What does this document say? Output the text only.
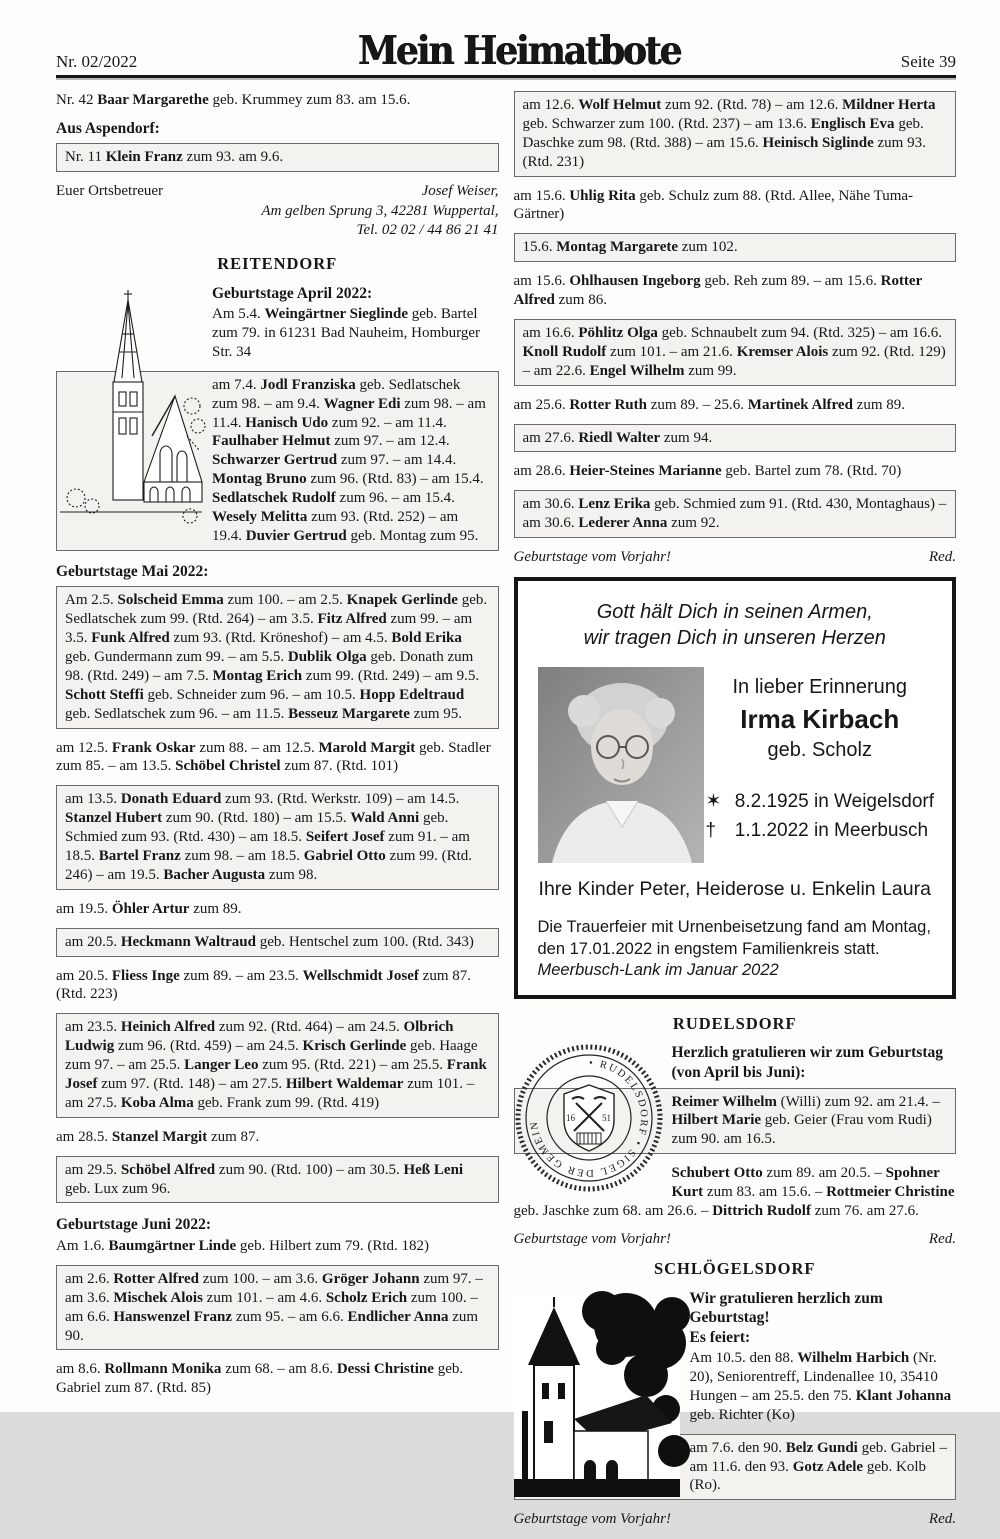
Nr. 02/2022	Mein Heimatbote	Seite 39

Nr. 42 Baar Margarethe geb. Krummey zum 83. am 15.6.

Aus Aspendorf:

Nr. 11 Klein Franz zum 93. am 9.6.

Euer Ortsbetreuer	Josef Weiser,
Am gelben Sprung 3, 42281 Wuppertal,
Tel. 02 02 / 44 86 21 41
REITENDORF

Geburtstage April 2022:

Am 5.4. Weingärtner Sieglinde geb. Bartel zum 79. in 61231 Bad Nauheim, Homburger Str. 34

am 7.4. Jodl Franziska geb. Sedlatschek zum 98. – am 9.4. Wagner Edi zum 98. – am 11.4. Hanisch Udo zum 92. – am 11.4. Faulhaber Helmut zum 97. – am 12.4. Schwarzer Gertrud zum 97. – am 14.4. Montag Bruno zum 96. (Rtd. 83) – am 15.4. Sedlatschek Rudolf zum 96. – am 15.4. Wesely Melitta zum 93. (Rtd. 252) – am 19.4. Duvier Gertrud geb. Montag zum 95.

Geburtstage Mai 2022:

Am 2.5. Solscheid Emma zum 100. – am 2.5. Knapek Gerlinde geb. Sedlatschek zum 99. (Rtd. 264) – am 3.5. Fitz Alfred zum 99. – am 3.5. Funk Alfred zum 93. (Rtd. Kröneshof) – am 4.5. Bold Erika geb. Gundermann zum 99. – am 5.5. Dublik Olga geb. Donath zum 98. (Rtd. 249) – am 7.5. Montag Erich zum 99. (Rtd. 249) – am 9.5. Schott Steffi geb. Schneider zum 96. – am 10.5. Hopp Edeltraud geb. Sedlatschek zum 96. – am 11.5. Besseuz Margarete zum 95.

am 12.5. Frank Oskar zum 88. – am 12.5. Marold Margit geb. Stadler zum 85. – am 13.5. Schöbel Christel zum 87. (Rtd. 101)

am 13.5. Donath Eduard zum 93. (Rtd. Werkstr. 109) – am 14.5. Stanzel Hubert zum 90. (Rtd. 180) – am 15.5. Wald Anni geb. Schmied zum 93. (Rtd. 430) – am 18.5. Seifert Josef zum 91. – am 18.5. Bartel Franz zum 98. – am 18.5. Gabriel Otto zum 99. (Rtd. 246) – am 19.5. Bacher Augusta zum 98.

am 19.5. Öhler Artur zum 89.

am 20.5. Heckmann Waltraud geb. Hentschel zum 100. (Rtd. 343)

am 20.5. Fliess Inge zum 89. – am 23.5. Wellschmidt Josef zum 87. (Rtd. 223)

am 23.5. Heinich Alfred zum 92. (Rtd. 464) – am 24.5. Olbrich Ludwig zum 96. (Rtd. 459) – am 24.5. Krisch Gerlinde geb. Haage zum 97. – am 25.5. Langer Leo zum 95. (Rtd. 221) – am 25.5. Frank Josef zum 97. (Rtd. 148) – am 27.5. Hilbert Waldemar zum 101. – am 27.5. Koba Alma geb. Frank zum 99. (Rtd. 419)

am 28.5. Stanzel Margit zum 87.

am 29.5. Schöbel Alfred zum 90. (Rtd. 100) – am 30.5. Heß Leni geb. Lux zum 96.

Geburtstage Juni 2022:

Am 1.6. Baumgärtner Linde geb. Hilbert zum 79. (Rtd. 182)

am 2.6. Rotter Alfred zum 100. – am 3.6. Gröger Johann zum 97. – am 3.6. Mischek Alois zum 101. – am 4.6. Scholz Erich zum 100. – am 6.6. Hanswenzel Franz zum 95. – am 6.6. Endlicher Anna zum 90.

am 8.6. Rollmann Monika zum 68. – am 8.6. Dessi Christine geb. Gabriel zum 87. (Rtd. 85)

am 12.6. Wolf Helmut zum 92. (Rtd. 78) – am 12.6. Mildner Herta geb. Schwarzer zum 100. (Rtd. 237) – am 13.6. Englisch Eva geb. Daschke zum 98. (Rtd. 388) – am 15.6. Heinisch Siglinde zum 93. (Rtd. 231)

am 15.6. Uhlig Rita geb. Schulz zum 88. (Rtd. Allee, Nähe Tuma-Gärtner)

15.6. Montag Margarete zum 102.

am 15.6. Ohlhausen Ingeborg geb. Reh zum 89. – am 15.6. Rotter Alfred zum 86.

am 16.6. Pöhlitz Olga geb. Schnaubelt zum 94. (Rtd. 325) – am 16.6. Knoll Rudolf zum 101. – am 21.6. Kremser Alois zum 92. (Rtd. 129) – am 22.6. Engel Wilhelm zum 99.

am 25.6. Rotter Ruth zum 89. – 25.6. Martinek Alfred zum 89.

am 27.6. Riedl Walter zum 94.

am 28.6. Heier-Steines Marianne geb. Bartel zum 78. (Rtd. 70)

am 30.6. Lenz Erika geb. Schmied zum 91. (Rtd. 430, Montaghaus) – am 30.6. Lederer Anna zum 92.

Geburtstage vom Vorjahr!	Red.

Gott hält Dich in seinen Armen,
wir tragen Dich in unseren Herzen

In lieber Erinnerung

Irma Kirbach

geb. Scholz

✶ 8.2.1925 in Weigelsdorf
† 1.1.2022 in Meerbusch

Ihre Kinder Peter, Heiderose u. Enkelin Laura

Die Trauerfeier mit Urnenbeisetzung fand am Montag, den 17.01.2022 in engstem Familienkreis statt.
Meerbusch-Lank im Januar 2022

RUDELSDORF
• RUDELSDORF • SIGEL DER GEMEIN
16	51

Herzlich gratulieren wir zum Geburtstag (von April bis Juni):

Reimer Wilhelm (Willi) zum 92. am 21.4. – Hilbert Marie geb. Geier (Frau vom Rudi) zum 90. am 16.5.

Schubert Otto zum 89. am 20.5. – Spohner Kurt zum 83. am 15.6. – Rottmeier Christine geb. Jaschke zum 68. am 26.6. – Dittrich Rudolf zum 76. am 27.6.

Geburtstage vom Vorjahr!	Red.
SCHLÖGELSDORF

Wir gratulieren herzlich zum Geburtstag!
Es feiert:

Am 10.5. den 88. Wilhelm Harbich (Nr. 20), Seniorentreff, Lindenallee 10, 35410 Hungen – am 25.5. den 75. Klant Johanna geb. Richter (Ko)

am 7.6. den 90. Belz Gundi geb. Gabriel – am 11.6. den 93. Gotz Adele geb. Kolb (Ro).

Geburtstage vom Vorjahr!	Red.
